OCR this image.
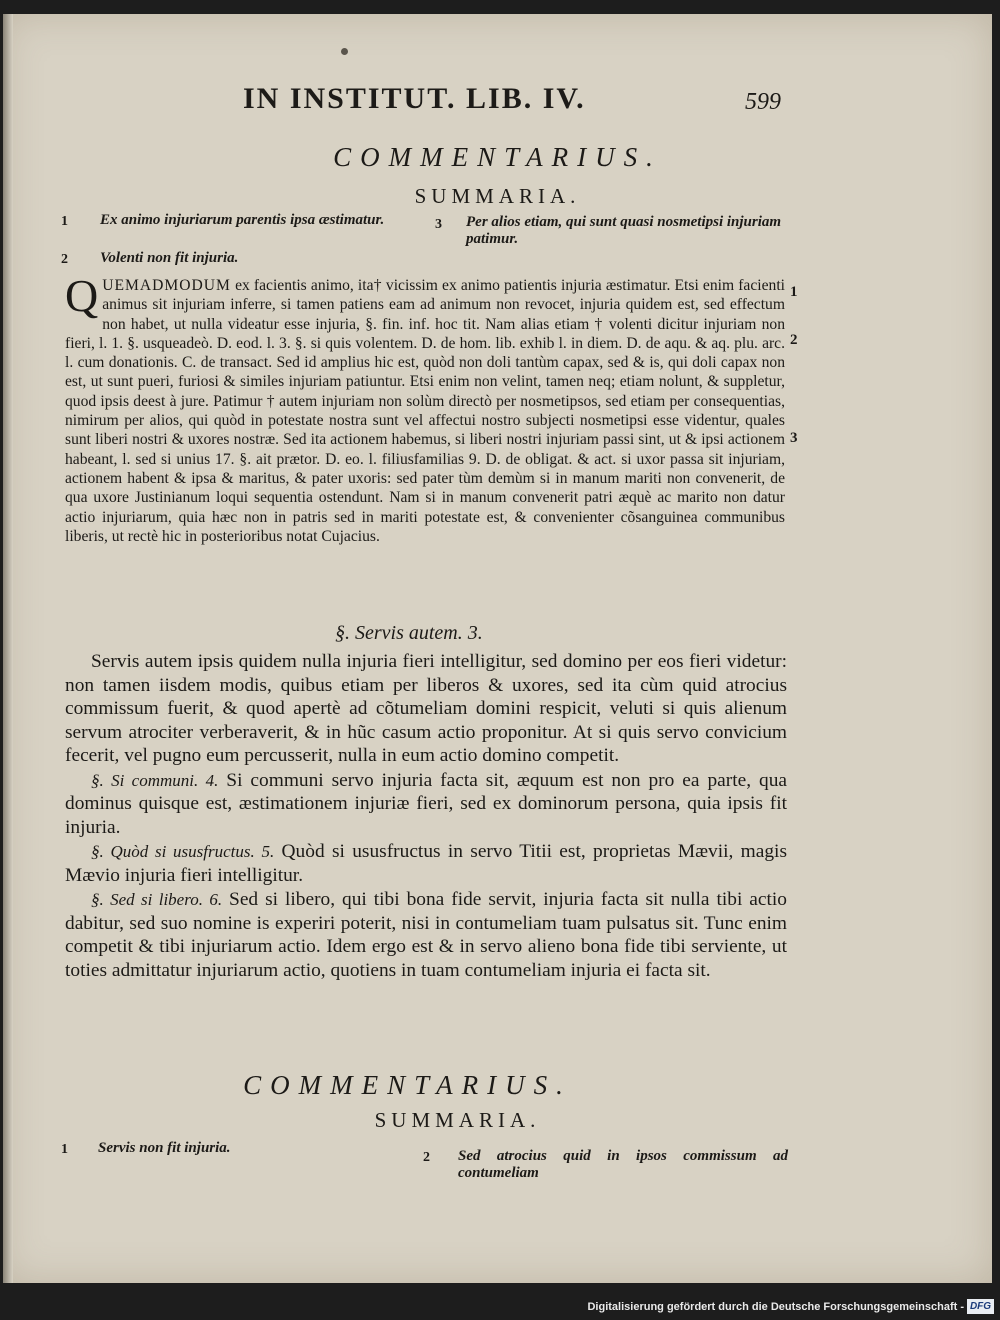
IN INSTITUT. LIB. IV.	599
COMMENTARIUS.
SUMMARIA.
1 Ex animo injuriarum parentis ipsa æstimatur.
2 Volenti non fit injuria.
3 Per alios etiam, qui sunt quasi nosmetipsi injuriam patimur.
QUEMADMODUM ex facientis animo, ita† vicissim ex animo patientis injuria æstimatur. Etsi enim facienti animus sit injuriam inferre, si tamen patiens eam ad animum non revocet, injuria quidem est, sed effectum non habet, ut nulla videatur esse injuria, §. fin. inf. hoc tit. Nam alias etiam † volenti dicitur injuriam non fieri, l. 1. §. usqueadeò. D. eod. l. 3. §. si quis volentem. D. de hom. lib. exhib l. in diem. D. de aqu. & aq. plu. arc. l. cum donationis. C. de transact. Sed id amplius hic est, quòd non doli tantùm capax, sed & is, qui doli capax non est, ut sunt pueri, furiosi & similes injuriam patiuntur. Etsi enim non velint, tamen neq; etiam nolunt, & suppletur, quod ipsis deest à jure. Patimur † autem injuriam non solùm directò per nosmetipsos, sed etiam per consequentias, nimirum per alios, qui quòd in potestate nostra sunt vel affectui nostro subjecti nosmetipsi esse videntur, quales sunt liberi nostri & uxores nostræ. Sed ita actionem habemus, si liberi nostri injuriam passi sint, ut & ipsi actionem habeant, l. sed si unius 17. §. ait prætor. D. eo. l. filiusfamilias 9. D. de obligat. & act. si uxor passa sit injuriam, actionem habent & ipsa & maritus, & pater uxoris: sed pater tùm demùm si in manum mariti non convenerit, de qua uxore Justinianum loqui sequentia ostendunt. Nam si in manum convenerit patri æquè ac marito non datur actio injuriarum, quia hæc non in patris sed in mariti potestate est, & convenienter cõsanguinea communibus liberis, ut rectè hic in posterioribus notat Cujacius.
1
2
3
§. Servis autem. 3.

Servis autem ipsis quidem nulla injuria fieri intelligitur, sed domino per eos fieri videtur: non tamen iisdem modis, quibus etiam per liberos & uxores, sed ita cùm quid atrocius commissum fuerit, & quod apertè ad cõtumeliam domini respicit, veluti si quis alienum servum atrociter verberaverit, & in hũc casum actio proponitur. At si quis servo convicium fecerit, vel pugno eum percusserit, nulla in eum actio domino competit.

§. Si communi. 4. Si communi servo injuria facta sit, æquum est non pro ea parte, qua dominus quisque est, æstimationem injuriæ fieri, sed ex dominorum persona, quia ipsis fit injuria.

§. Quòd si ususfructus. 5. Quòd si ususfructus in servo Titii est, proprietas Mævii, magis Mævio injuria fieri intelligitur.

§. Sed si libero. 6. Sed si libero, qui tibi bona fide servit, injuria facta sit nulla tibi actio dabitur, sed suo nomine is experiri poterit, nisi in contumeliam tuam pulsatus sit. Tunc enim competit & tibi injuriarum actio. Idem ergo est & in servo alieno bona fide tibi serviente, ut toties admittatur injuriarum actio, quotiens in tuam contumeliam injuria ei facta sit.

COMMENTARIUS.
SUMMARIA.
1 Servis non fit injuria.
2 Sed atrocius quid in ipsos commissum ad contumeliam
Digitalisierung gefördert durch die Deutsche Forschungsgemeinschaft - DFG
